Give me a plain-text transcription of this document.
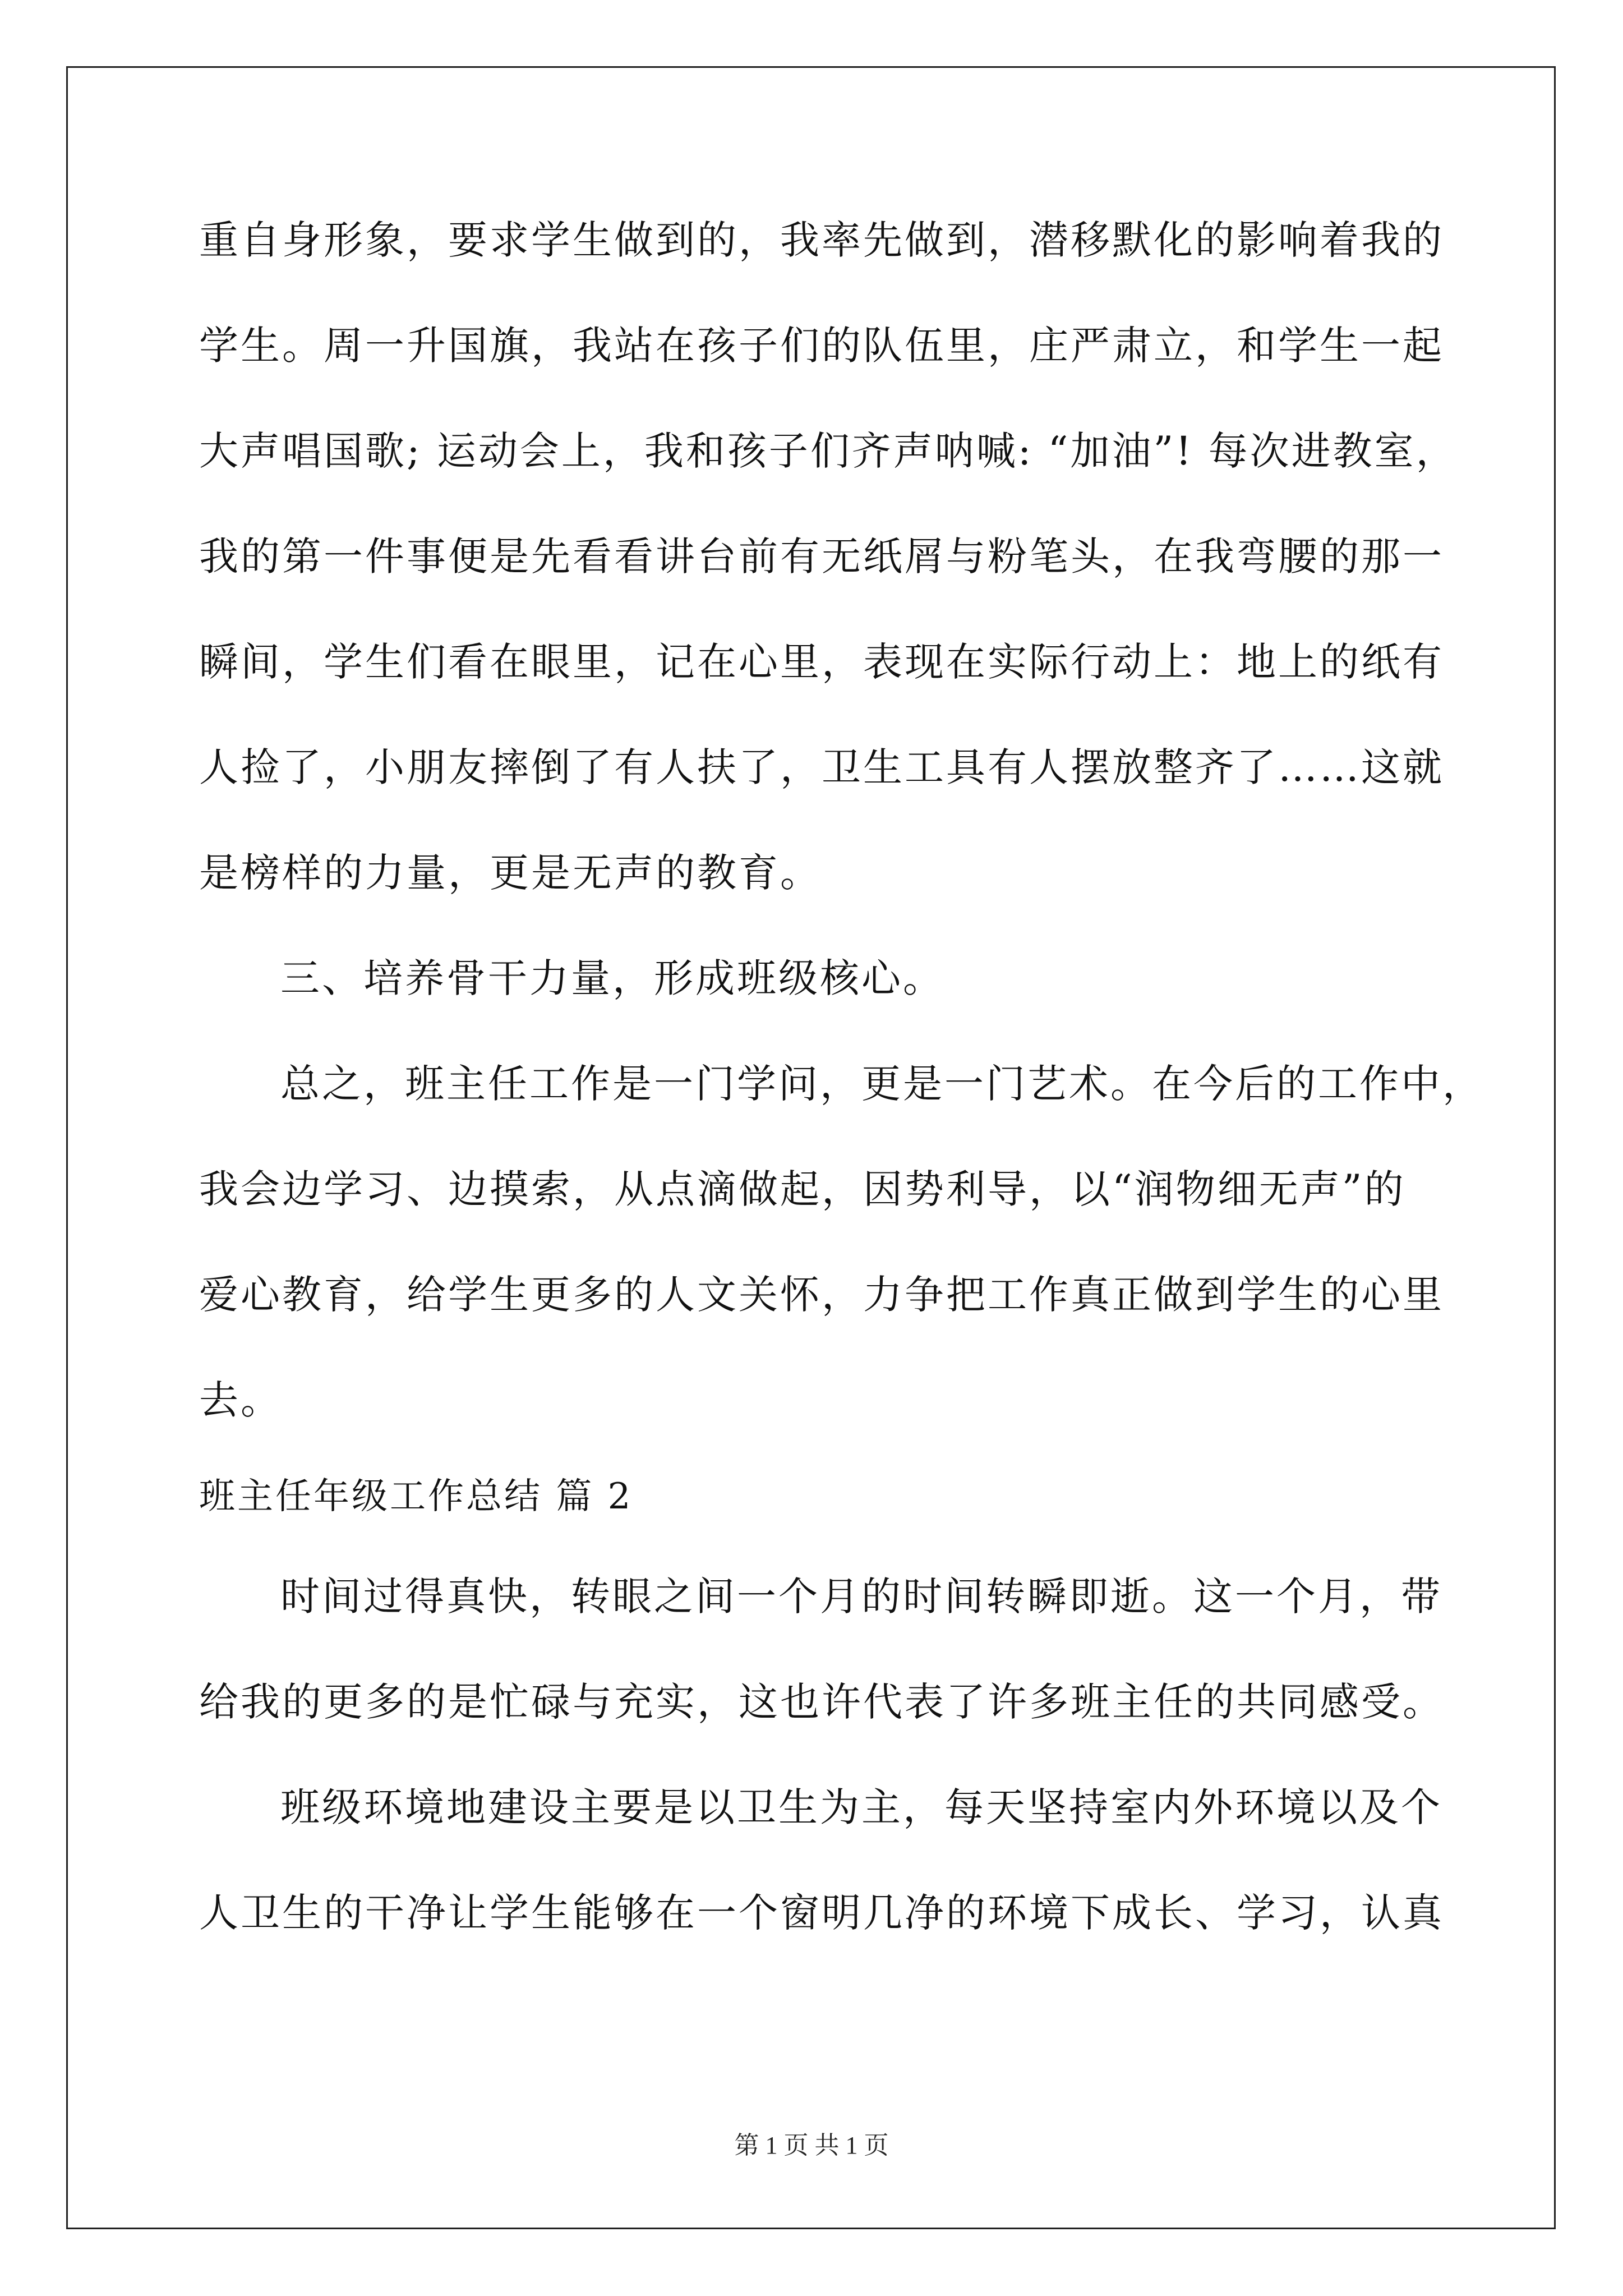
重自身形象，要求学生做到的，我率先做到，潜移默化的影响着我的
学生。周一升国旗，我站在孩子们的队伍里，庄严肃立，和学生一起
大声唱国歌; 运动会上，我和孩子们齐声呐喊: “加油”! 每次进教室，
我的第一件事便是先看看讲台前有无纸屑与粉笔头，在我弯腰的那一
瞬间，学生们看在眼里，记在心里，表现在实际行动上：地上的纸有
人捡了，小朋友摔倒了有人扶了，卫生工具有人摆放整齐了……这就
是榜样的力量，更是无声的教育。
三、培养骨干力量，形成班级核心。
总之，班主任工作是一门学问，更是一门艺术。在今后的工作中，
我会边学习、边摸索，从点滴做起，因势利导，以“润物细无声”的
爱心教育，给学生更多的人文关怀，力争把工作真正做到学生的心里
去。
班主任年级工作总结 篇 2
时间过得真快，转眼之间一个月的时间转瞬即逝。这一个月，带
给我的更多的是忙碌与充实，这也许代表了许多班主任的共同感受。
班级环境地建设主要是以卫生为主，每天坚持室内外环境以及个
人卫生的干净让学生能够在一个窗明几净的环境下成长、学习，认真
第 1 页 共 1 页
